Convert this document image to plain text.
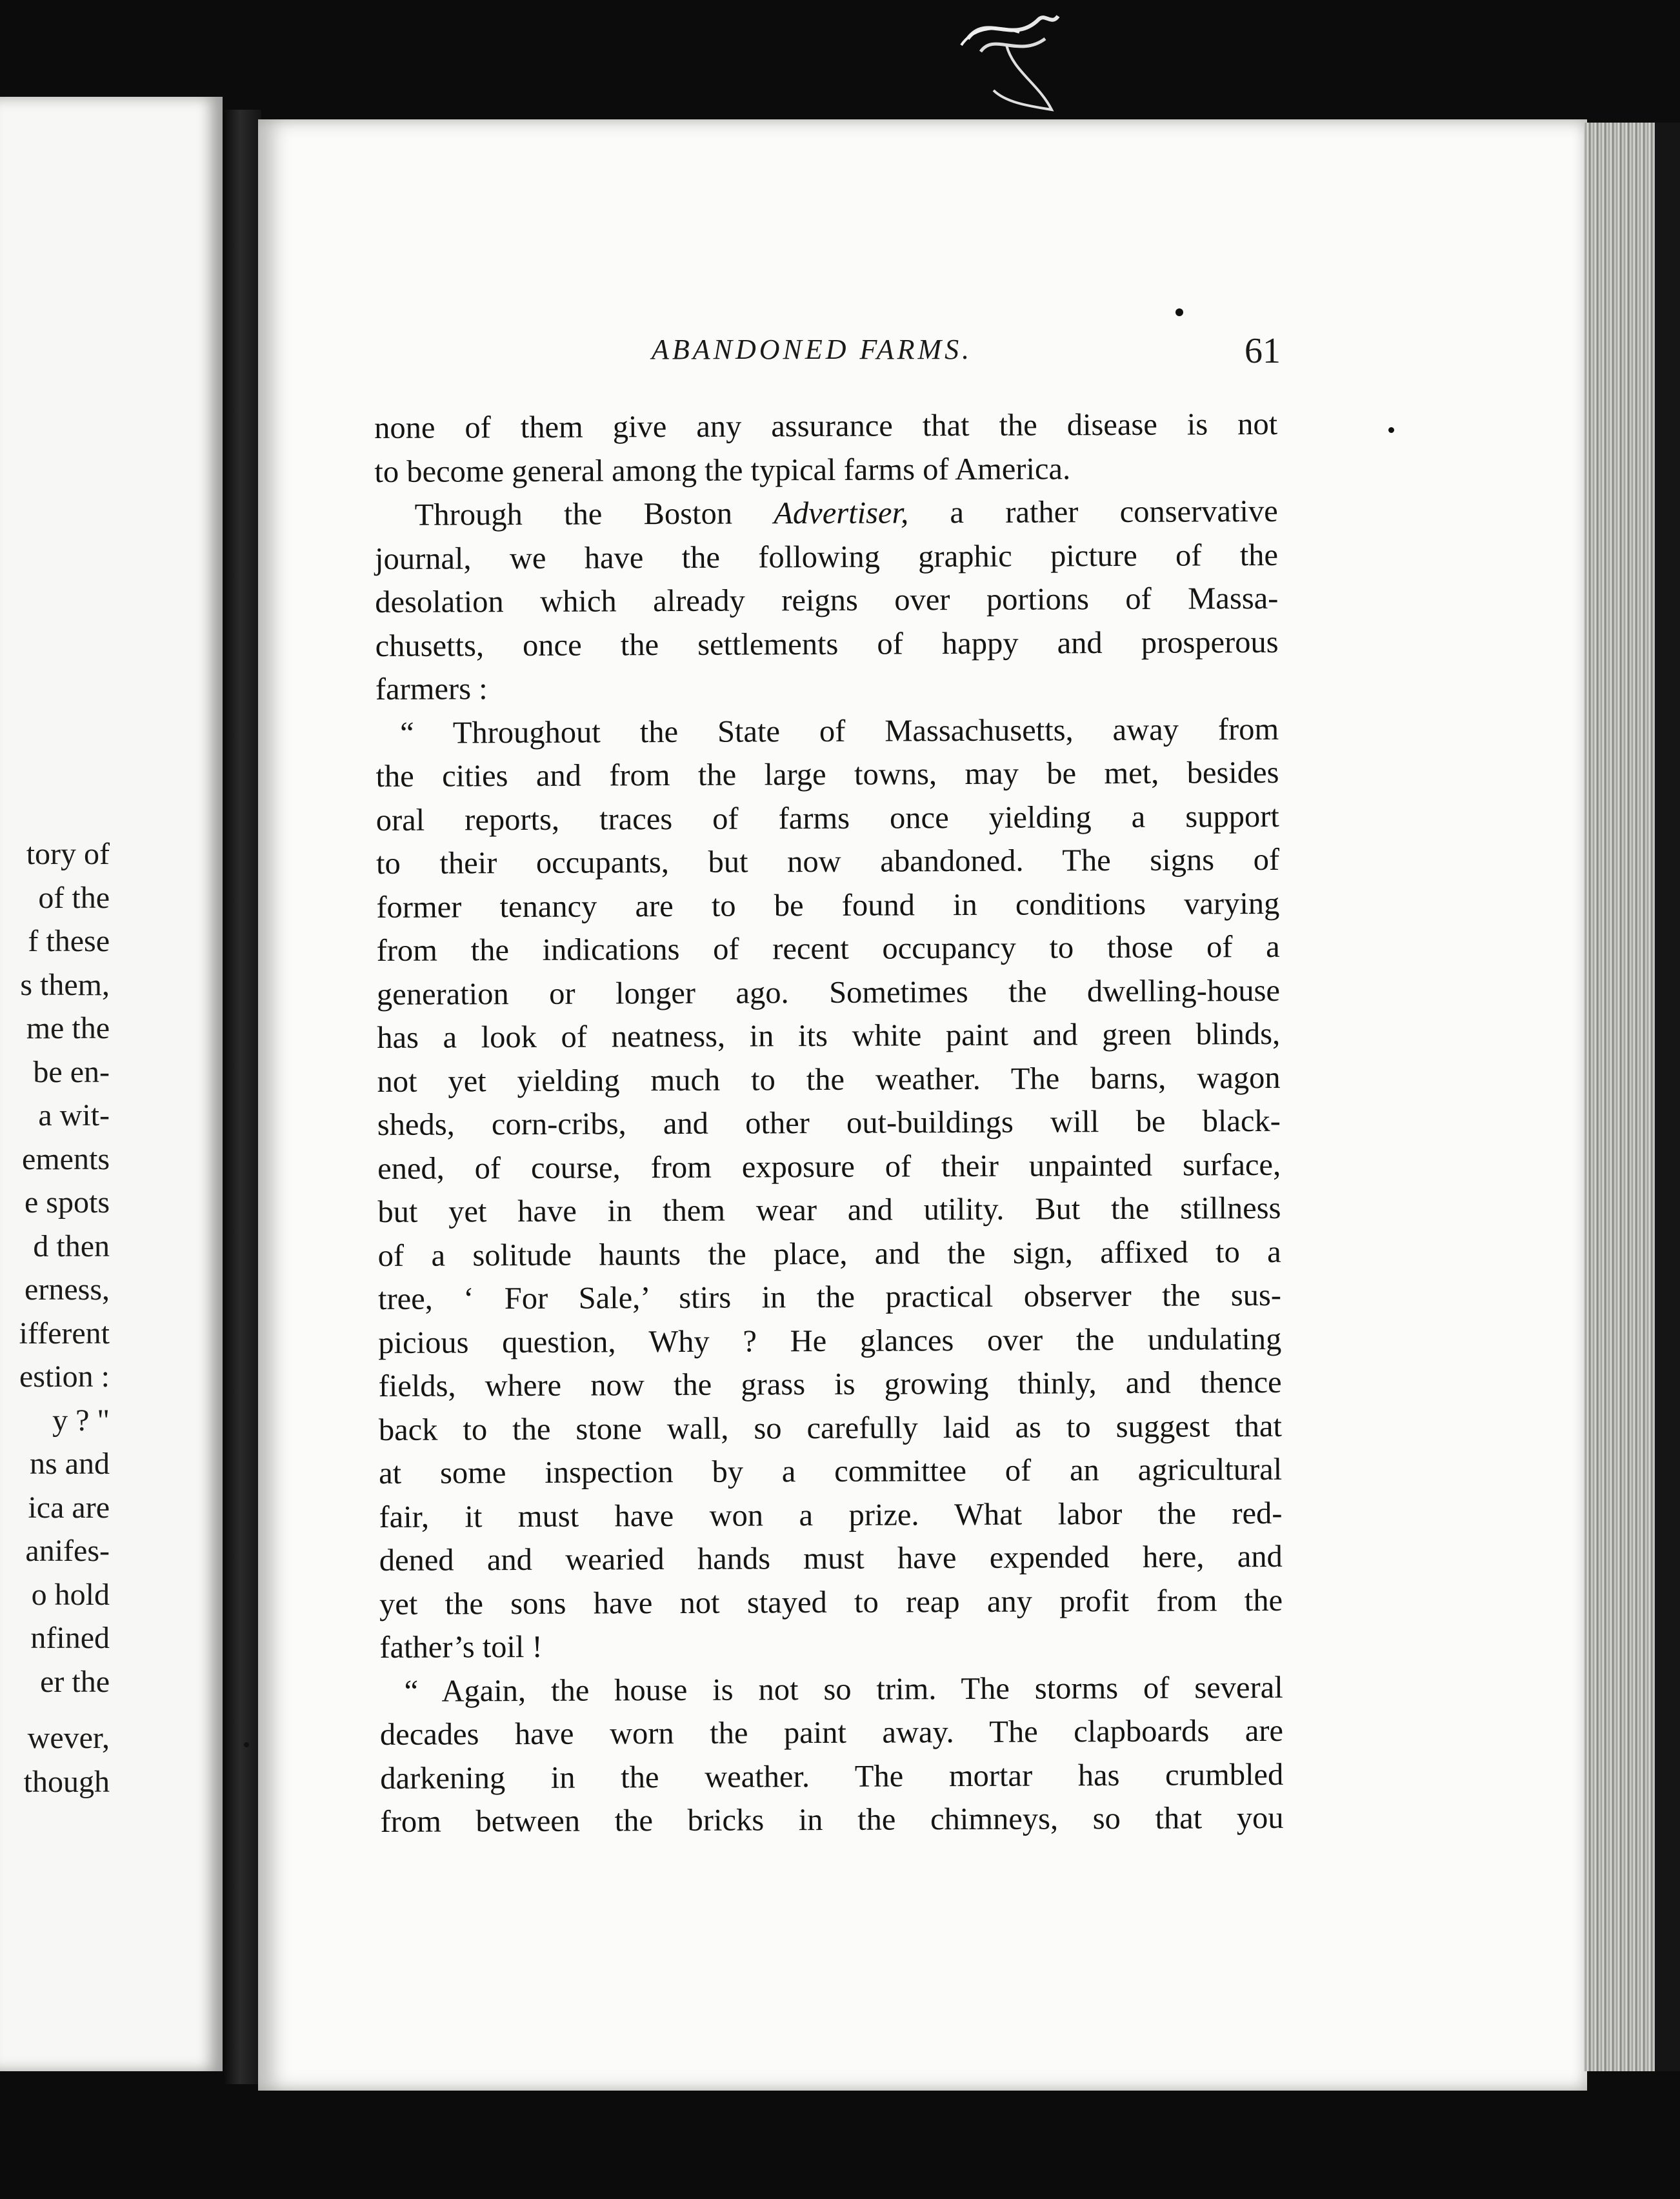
tory of
of the
f these
s them,
me the
be en-
a wit-
ements
e spots
d then
erness,
ifferent
estion :
y ? "
ns and
ica are
anifes-
o hold
nfined
er the
wever,
though
ABANDONED FARMS.	61
none of them give any assurance that the disease is not
to become general among the typical farms of America.
Through the Boston Advertiser, a rather conservative
journal, we have the following graphic picture of the
desolation which already reigns over portions of Massa-
chusetts, once the settlements of happy and prosperous
farmers :
“ Throughout the State of Massachusetts, away from
the cities and from the large towns, may be met, besides
oral reports, traces of farms once yielding a support
to their occupants, but now abandoned. The signs of
former tenancy are to be found in conditions varying
from the indications of recent occupancy to those of a
generation or longer ago. Sometimes the dwelling-house
has a look of neatness, in its white paint and green blinds,
not yet yielding much to the weather. The barns, wagon
sheds, corn-cribs, and other out-buildings will be black-
ened, of course, from exposure of their unpainted surface,
but yet have in them wear and utility. But the stillness
of a solitude haunts the place, and the sign, affixed to a
tree, ‘ For Sale,’ stirs in the practical observer the sus-
picious question, Why ? He glances over the undulating
fields, where now the grass is growing thinly, and thence
back to the stone wall, so carefully laid as to suggest that
at some inspection by a committee of an agricultural
fair, it must have won a prize. What labor the red-
dened and wearied hands must have expended here, and
yet the sons have not stayed to reap any profit from the
father’s toil !
“ Again, the house is not so trim. The storms of several
decades have worn the paint away. The clapboards are
darkening in the weather. The mortar has crumbled
from between the bricks in the chimneys, so that you
